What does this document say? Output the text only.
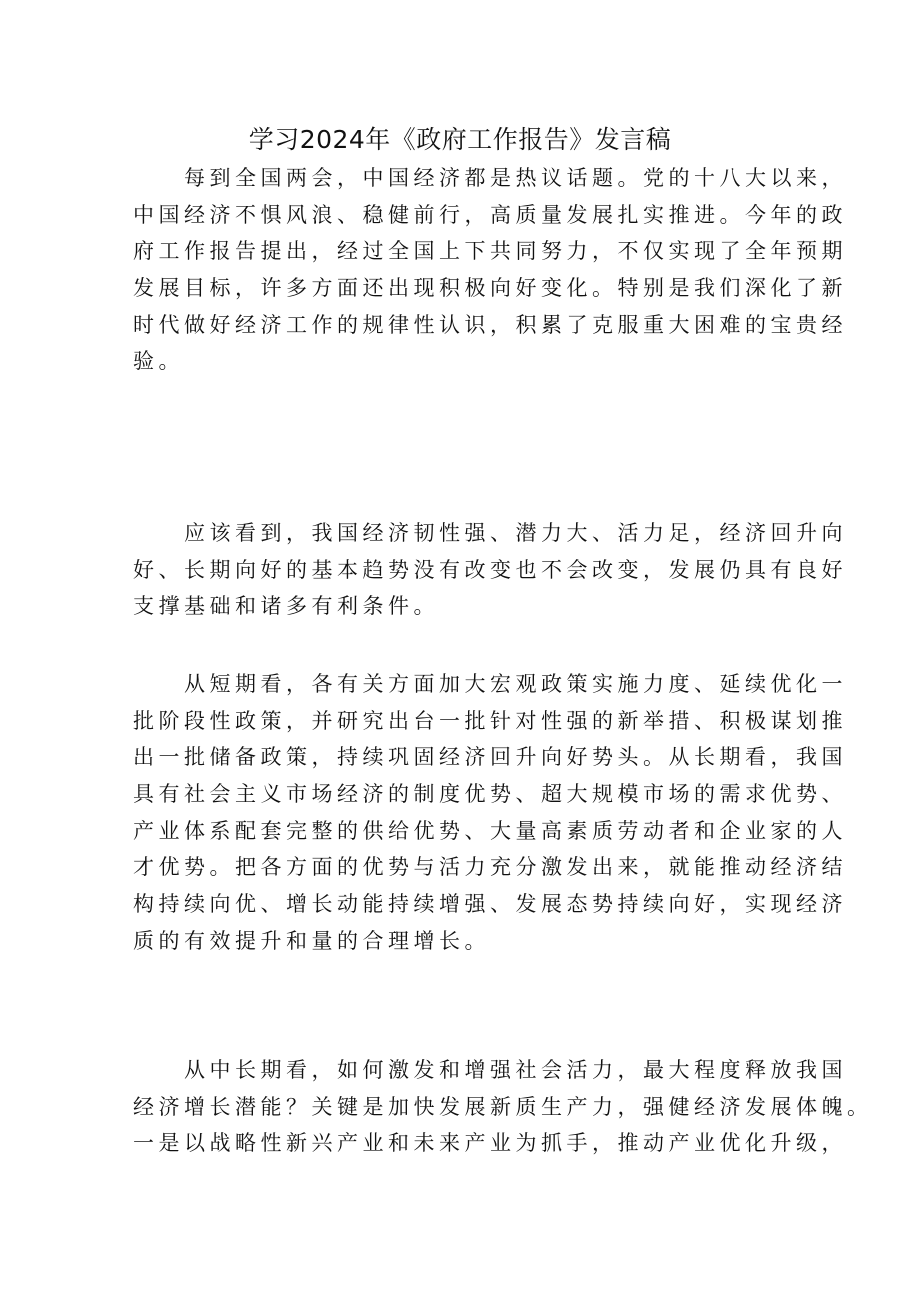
学习2024年《政府工作报告》发言稿
　　每到全国两会，中国经济都是热议话题。党的十八大以来，
中国经济不惧风浪、稳健前行，高质量发展扎实推进。今年的政
府工作报告提出，经过全国上下共同努力，不仅实现了全年预期
发展目标，许多方面还出现积极向好变化。特别是我们深化了新
时代做好经济工作的规律性认识，积累了克服重大困难的宝贵经
验。
　　应该看到，我国经济韧性强、潜力大、活力足，经济回升向
好、长期向好的基本趋势没有改变也不会改变，发展仍具有良好
支撑基础和诸多有利条件。
　　从短期看，各有关方面加大宏观政策实施力度、延续优化一
批阶段性政策，并研究出台一批针对性强的新举措、积极谋划推
出一批储备政策，持续巩固经济回升向好势头。从长期看，我国
具有社会主义市场经济的制度优势、超大规模市场的需求优势、
产业体系配套完整的供给优势、大量高素质劳动者和企业家的人
才优势。把各方面的优势与活力充分激发出来，就能推动经济结
构持续向优、增长动能持续增强、发展态势持续向好，实现经济
质的有效提升和量的合理增长。
　　从中长期看，如何激发和增强社会活力，最大程度释放我国
经济增长潜能？关键是加快发展新质生产力，强健经济发展体魄。
一是以战略性新兴产业和未来产业为抓手，推动产业优化升级，
